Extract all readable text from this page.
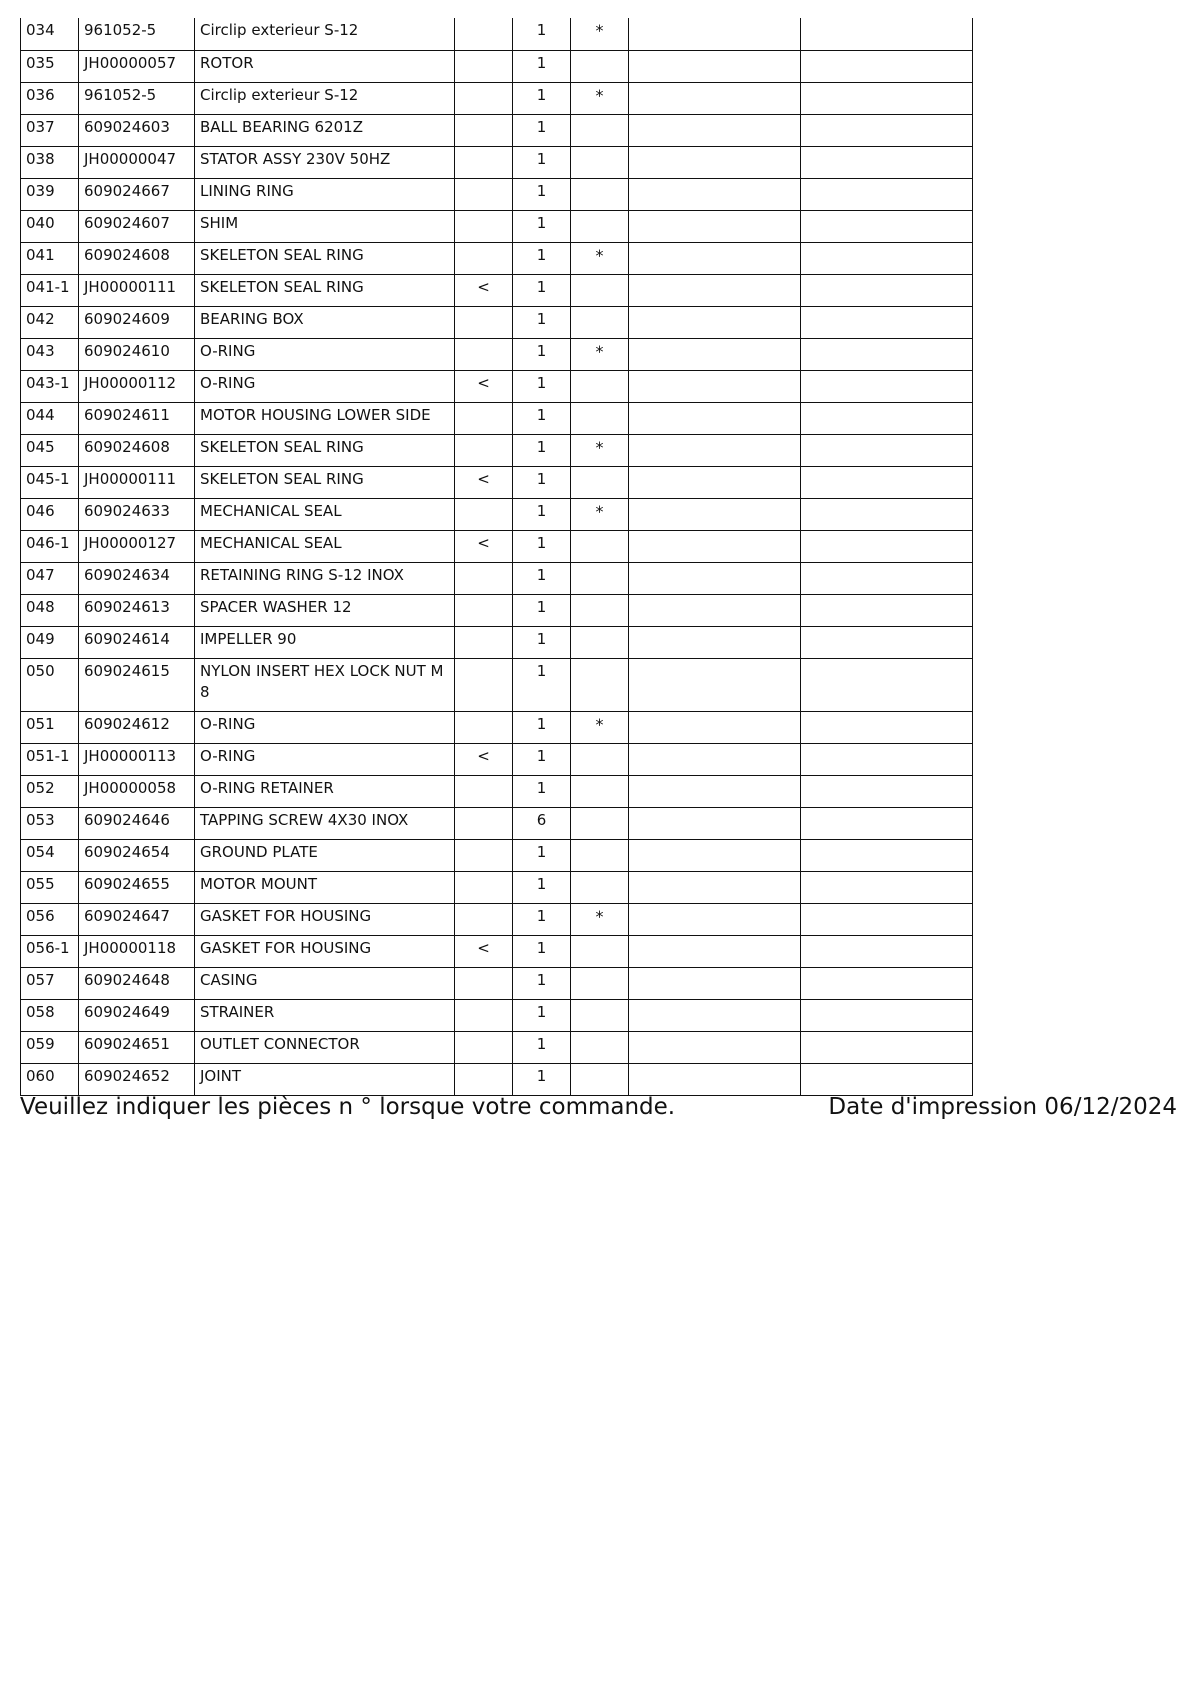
034	961052-5	Circlip exterieur S-12		1	*		
035	JH00000057	ROTOR		1			
036	961052-5	Circlip exterieur S-12		1	*		
037	609024603	BALL BEARING 6201Z		1			
038	JH00000047	STATOR ASSY 230V 50HZ		1			
039	609024667	LINING RING		1			
040	609024607	SHIM		1			
041	609024608	SKELETON SEAL RING		1	*		
041-1	JH00000111	SKELETON SEAL RING	<	1			
042	609024609	BEARING BOX		1			
043	609024610	O-RING		1	*		
043-1	JH00000112	O-RING	<	1			
044	609024611	MOTOR HOUSING LOWER SIDE		1			
045	609024608	SKELETON SEAL RING		1	*		
045-1	JH00000111	SKELETON SEAL RING	<	1			
046	609024633	MECHANICAL SEAL		1	*		
046-1	JH00000127	MECHANICAL SEAL	<	1			
047	609024634	RETAINING RING S-12 INOX		1			
048	609024613	SPACER WASHER 12		1			
049	609024614	IMPELLER 90		1			
050	609024615	NYLON INSERT HEX LOCK NUT M8		1			
051	609024612	O-RING		1	*		
051-1	JH00000113	O-RING	<	1			
052	JH00000058	O-RING RETAINER		1			
053	609024646	TAPPING SCREW 4X30 INOX		6			
054	609024654	GROUND PLATE		1			
055	609024655	MOTOR MOUNT		1			
056	609024647	GASKET FOR HOUSING		1	*		
056-1	JH00000118	GASKET FOR HOUSING	<	1			
057	609024648	CASING		1			
058	609024649	STRAINER		1			
059	609024651	OUTLET CONNECTOR		1			
060	609024652	JOINT		1			
Veuillez indiquer les pièces n ° lorsque votre commande.	Date d'impression 06/12/2024
